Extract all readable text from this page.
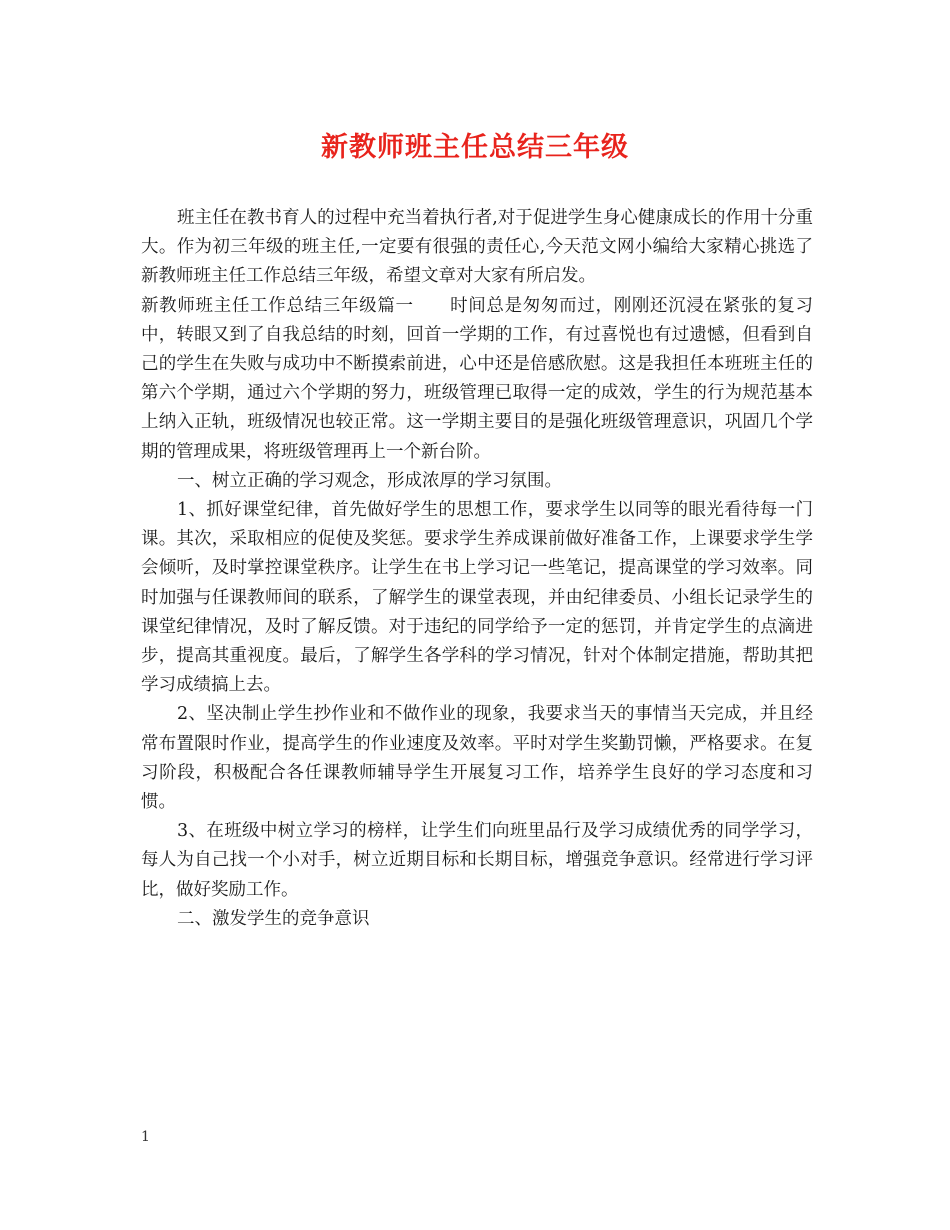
新教师班主任总结三年级

班主任在教书育人的过程中充当着执行者,对于促进学生身心健康成长的作用十分重大。作为初三年级的班主任,一定要有很强的责任心,今天范文网小编给大家精心挑选了新教师班主任工作总结三年级，希望文章对大家有所启发。

新教师班主任工作总结三年级篇一　　时间总是匆匆而过，刚刚还沉浸在紧张的复习中，转眼又到了自我总结的时刻，回首一学期的工作，有过喜悦也有过遗憾，但看到自己的学生在失败与成功中不断摸索前进，心中还是倍感欣慰。这是我担任本班班主任的第六个学期，通过六个学期的努力，班级管理已取得一定的成效，学生的行为规范基本上纳入正轨，班级情况也较正常。这一学期主要目的是强化班级管理意识，巩固几个学期的管理成果，将班级管理再上一个新台阶。

一、树立正确的学习观念，形成浓厚的学习氛围。

1、抓好课堂纪律，首先做好学生的思想工作，要求学生以同等的眼光看待每一门课。其次，采取相应的促使及奖惩。要求学生养成课前做好准备工作，上课要求学生学会倾听，及时掌控课堂秩序。让学生在书上学习记一些笔记，提高课堂的学习效率。同时加强与任课教师间的联系，了解学生的课堂表现，并由纪律委员、小组长记录学生的课堂纪律情况，及时了解反馈。对于违纪的同学给予一定的惩罚，并肯定学生的点滴进步，提高其重视度。最后，了解学生各学科的学习情况，针对个体制定措施，帮助其把学习成绩搞上去。

2、坚决制止学生抄作业和不做作业的现象，我要求当天的事情当天完成，并且经常布置限时作业，提高学生的作业速度及效率。平时对学生奖勤罚懒，严格要求。在复习阶段，积极配合各任课教师辅导学生开展复习工作，培养学生良好的学习态度和习惯。

3、在班级中树立学习的榜样，让学生们向班里品行及学习成绩优秀的同学学习，每人为自己找一个小对手，树立近期目标和长期目标，增强竞争意识。经常进行学习评比，做好奖励工作。

二、激发学生的竞争意识

1
